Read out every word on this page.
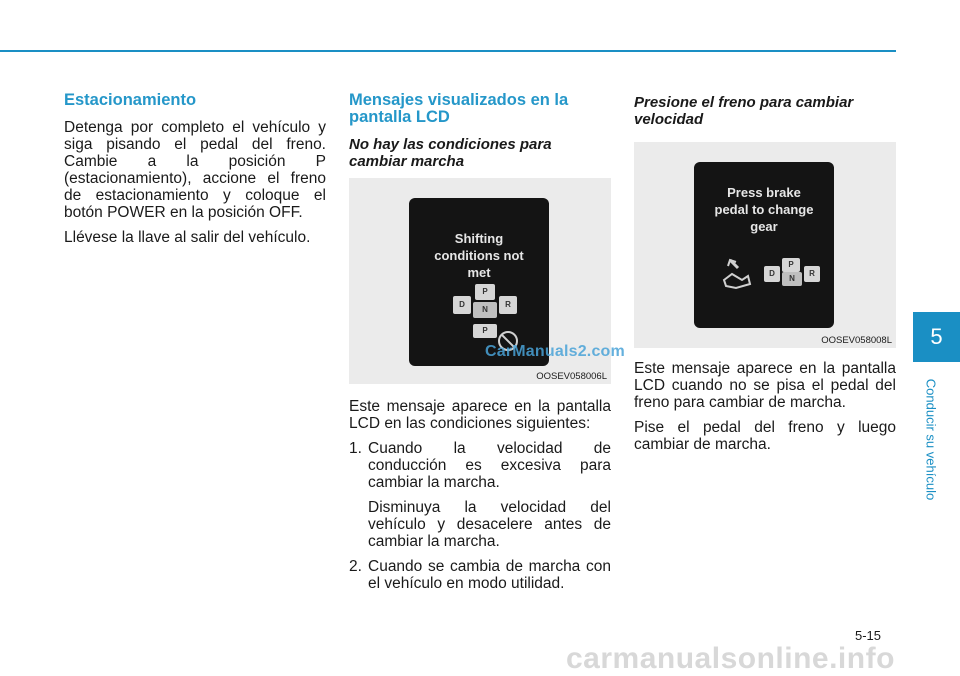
Estacionamiento

Detenga por completo el vehículo y siga pisando el pedal del freno. Cambie a la posición P (estacionamiento), accione el freno de estacionamiento y coloque el botón POWER en la posición OFF.

Llévese la llave al salir del vehículo.

Mensajes visualizados en la pantalla LCD
No hay las condiciones para cambiar marcha
Shifting conditions not met
P
D
N
R
P
CarManuals2.com
OOSEV058006L

Este mensaje aparece en la pantalla LCD en las condiciones siguientes:

1. Cuando la velocidad de conducción es excesiva para cambiar la marcha.

Disminuya la velocidad del vehículo y desacelere antes de cambiar la marcha.

2. Cuando se cambia de marcha con el vehículo en modo utilidad.
Presione el freno para cambiar velocidad
Press brake pedal to change gear
P
D
N
R
OOSEV058008L

Este mensaje aparece en la pantalla LCD cuando no se pisa el pedal del freno para cambiar de marcha.

Pise el pedal del freno y luego cambiar de marcha.

5
Conducir su vehículo
5-15
carmanualsonline.info
